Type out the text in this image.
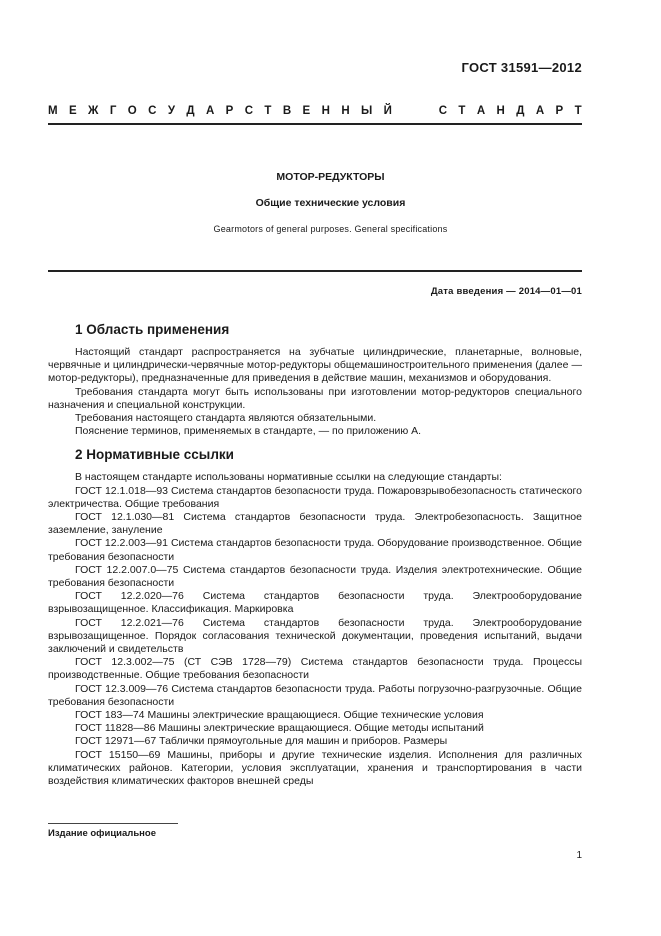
ГОСТ 31591—2012
М Е Ж Г О С У Д А Р С Т В Е Н Н Ы Й	С Т А Н Д А Р Т
МОТОР-РЕДУКТОРЫ
Общие технические условия
Gearmotors of general purposes. General specifications
Дата введения — 2014—01—01
1 Область применения

Настоящий стандарт распространяется на зубчатые цилиндрические, планетарные, волновые, червячные и цилиндрически-червячные мотор-редукторы общемашиностроительного применения (далее — мотор-редукторы), предназначенные для приведения в действие машин, механизмов и оборудования.

Требования стандарта могут быть использованы при изготовлении мотор-редукторов специального назначения и специальной конструкции.

Требования настоящего стандарта являются обязательными.

Пояснение терминов, применяемых в стандарте, — по приложению А.

2 Нормативные ссылки

В настоящем стандарте использованы нормативные ссылки на следующие стандарты:

ГОСТ 12.1.018—93 Система стандартов безопасности труда. Пожаровзрывобезопасность статического электричества. Общие требования

ГОСТ 12.1.030—81 Система стандартов безопасности труда. Электробезопасность. Защитное заземление, зануление

ГОСТ 12.2.003—91 Система стандартов безопасности труда. Оборудование производственное. Общие требования безопасности

ГОСТ 12.2.007.0—75 Система стандартов безопасности труда. Изделия электротехнические. Общие требования безопасности

ГОСТ 12.2.020—76 Система стандартов безопасности труда. Электрооборудование взрывозащищенное. Классификация. Маркировка

ГОСТ 12.2.021—76 Система стандартов безопасности труда. Электрооборудование взрывозащищенное. Порядок согласования технической документации, проведения испытаний, выдачи заключений и свидетельств

ГОСТ 12.3.002—75 (СТ СЭВ 1728—79) Система стандартов безопасности труда. Процессы производственные. Общие требования безопасности

ГОСТ 12.3.009—76 Система стандартов безопасности труда. Работы погрузочно-разгрузочные. Общие требования безопасности

ГОСТ 183—74 Машины электрические вращающиеся. Общие технические условия

ГОСТ 11828—86 Машины электрические вращающиеся. Общие методы испытаний

ГОСТ 12971—67 Таблички прямоугольные для машин и приборов. Размеры

ГОСТ 15150—69 Машины, приборы и другие технические изделия. Исполнения для различных климатических районов. Категории, условия эксплуатации, хранения и транспортирования в части воздействия климатических факторов внешней среды

Издание официальное
1
